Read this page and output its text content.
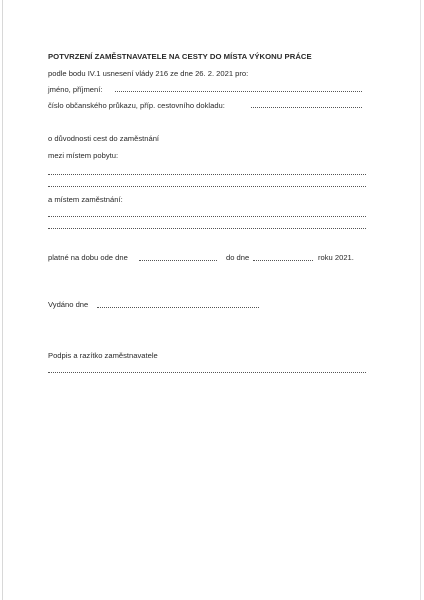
POTVRZENÍ ZAMĚSTNAVATELE NA CESTY DO MÍSTA VÝKONU PRÁCE
podle bodu IV.1 usnesení vlády 216 ze dne 26. 2. 2021 pro:
jméno, příjmení:
číslo občanského průkazu, příp. cestovního dokladu:
o důvodnosti cest do zaměstnání
mezi místem pobytu:
a místem zaměstnání:
platné na dobu ode dne	do dne	roku 2021.
Vydáno dne
Podpis a razítko zaměstnavatele
